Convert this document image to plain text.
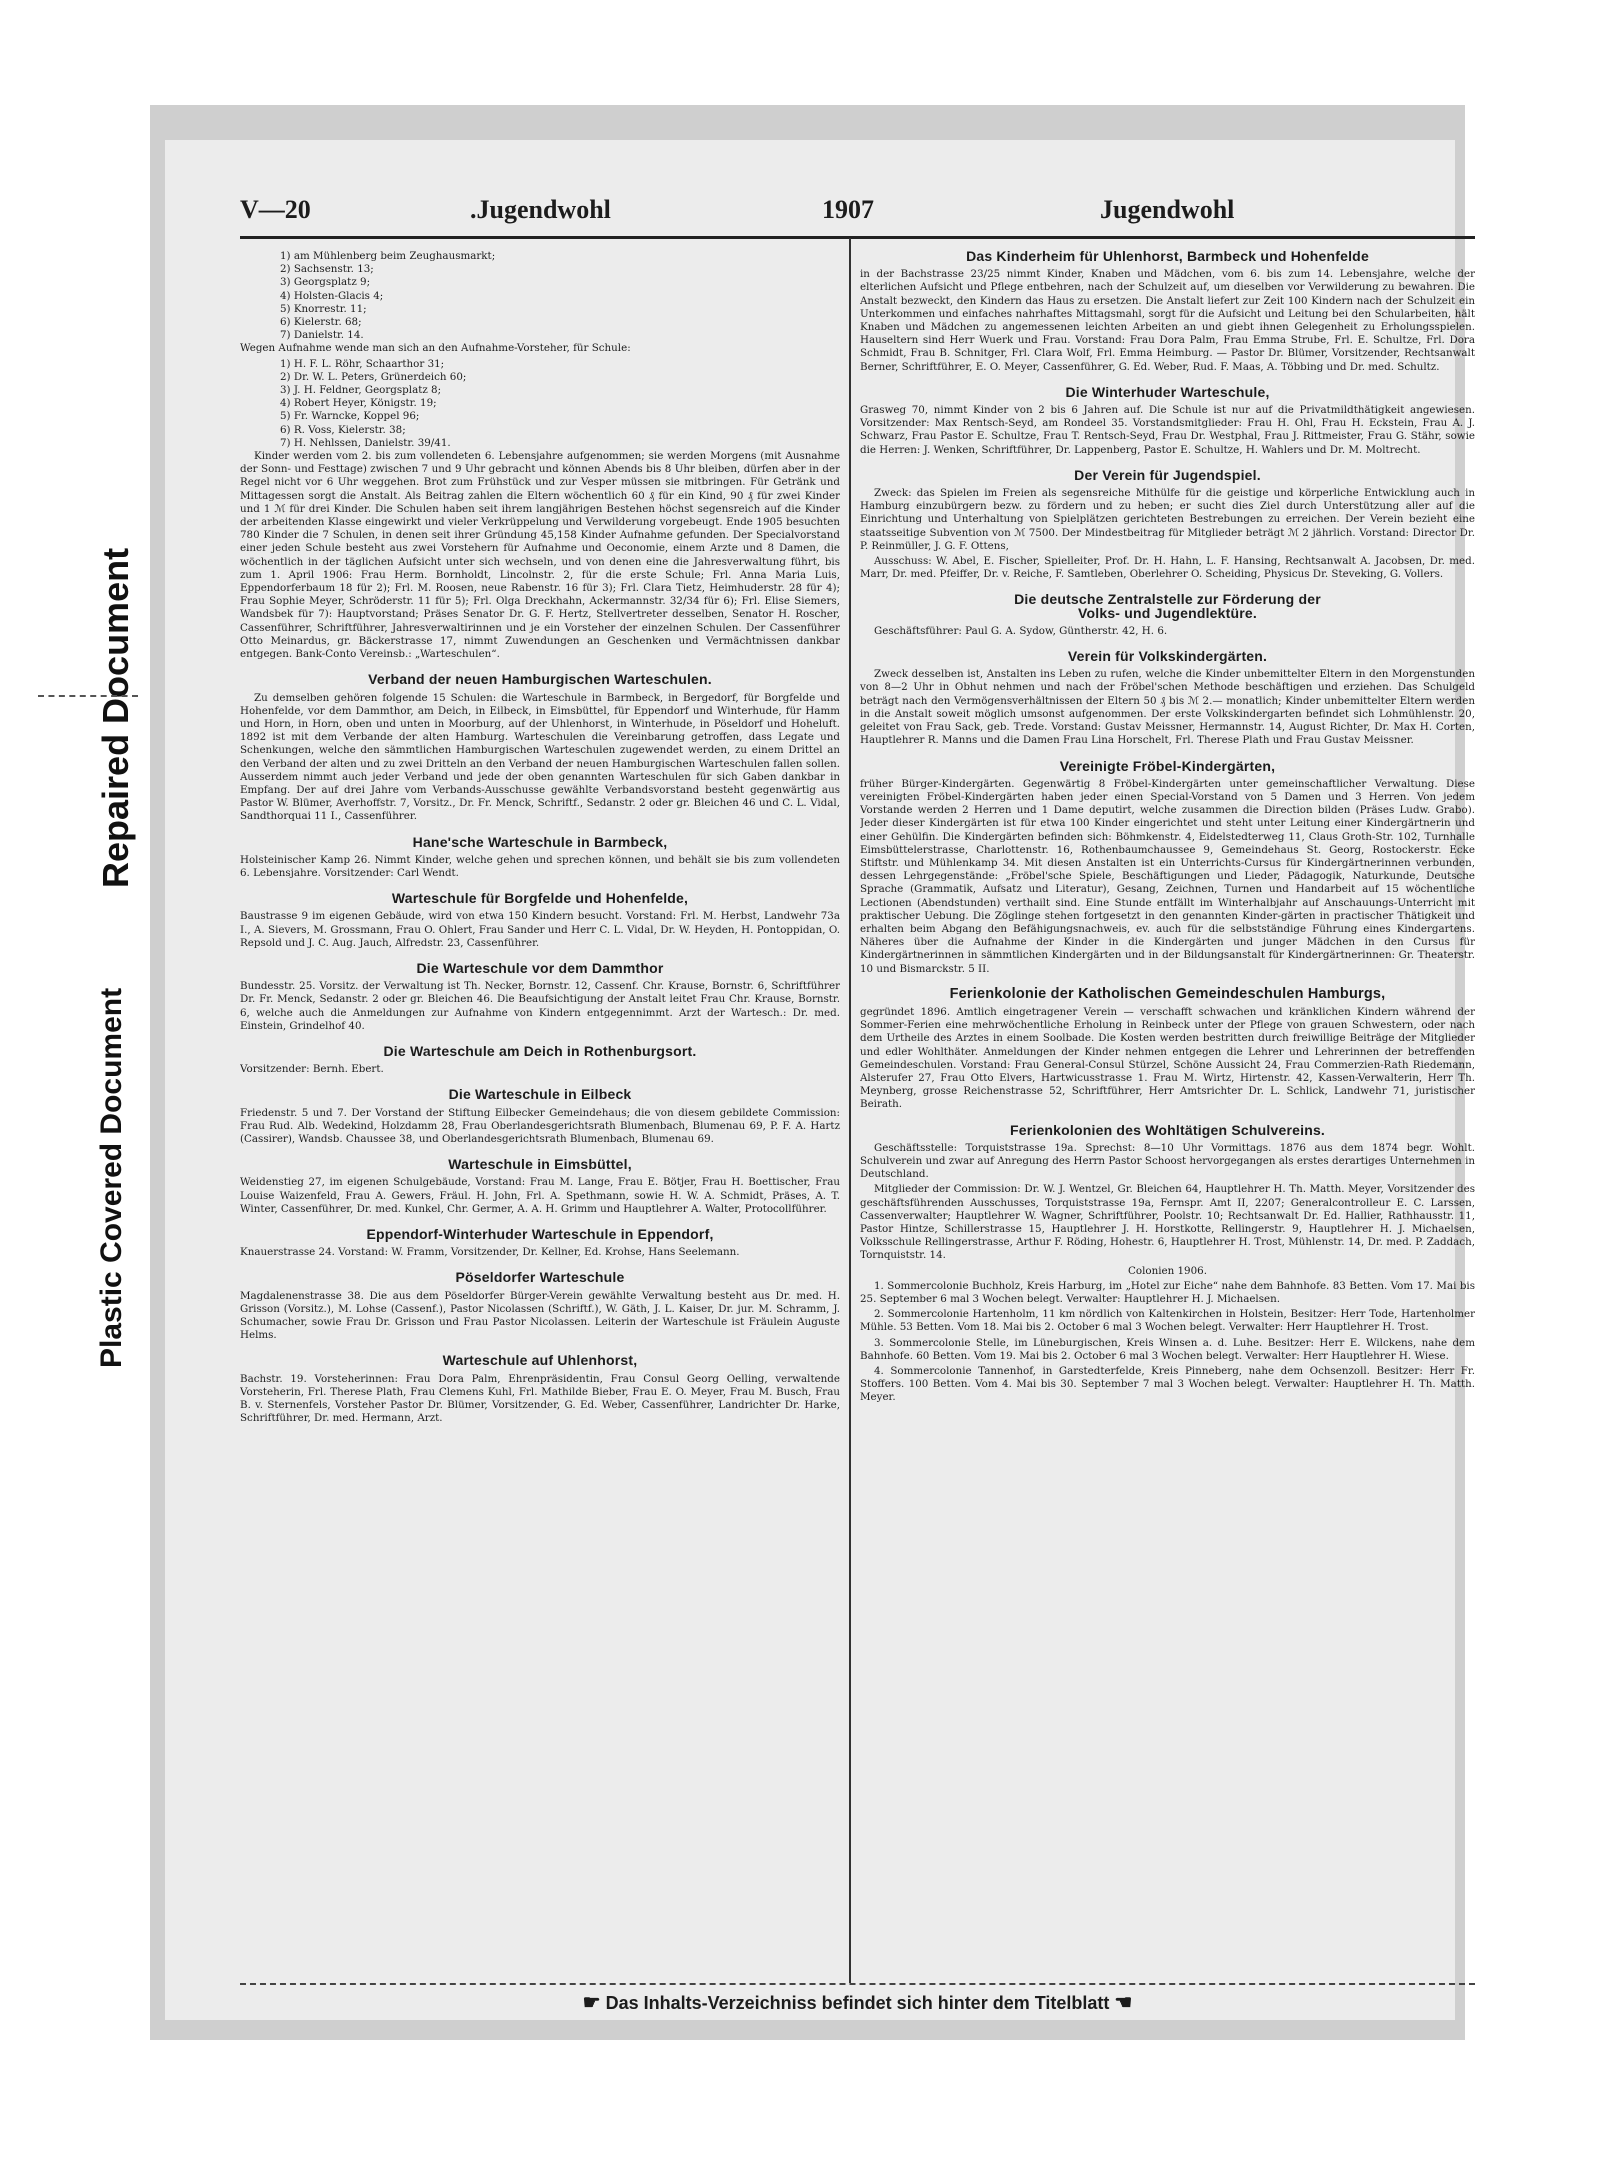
Plastic Covered Document
Repaired Document
V—20	.Jugendwohl	1907	Jugendwohl

1) am Mühlenberg beim Zeughausmarkt;

2) Sachsenstr. 13;

3) Georgsplatz 9;

4) Holsten-Glacis 4;

5) Knorrestr. 11;

6) Kielerstr. 68;

7) Danielstr. 14.

Wegen Aufnahme wende man sich an den Aufnahme-Vorsteher, für Schule:

1) H. F. L. Röhr, Schaarthor 31;

2) Dr. W. L. Peters, Grünerdeich 60;

3) J. H. Feldner, Georgsplatz 8;

4) Robert Heyer, Königstr. 19;

5) Fr. Warncke, Koppel 96;

6) R. Voss, Kielerstr. 38;

7) H. Nehlssen, Danielstr. 39/41.

Kinder werden vom 2. bis zum vollendeten 6. Lebensjahre aufgenommen; sie werden Morgens (mit Ausnahme der Sonn- und Festtage) zwischen 7 und 9 Uhr gebracht und können Abends bis 8 Uhr bleiben, dürfen aber in der Regel nicht vor 6 Uhr weggehen. Brot zum Frühstück und zur Vesper müssen sie mitbringen. Für Getränk und Mittagessen sorgt die Anstalt. Als Beitrag zahlen die Eltern wöchentlich 60 ₰ für ein Kind, 90 ₰ für zwei Kinder und 1 ℳ für drei Kinder. Die Schulen haben seit ihrem langjährigen Bestehen höchst segensreich auf die Kinder der arbeitenden Klasse eingewirkt und vieler Verkrüppelung und Verwilderung vorgebeugt. Ende 1905 besuchten 780 Kinder die 7 Schulen, in denen seit ihrer Gründung 45,158 Kinder Aufnahme gefunden. Der Specialvorstand einer jeden Schule besteht aus zwei Vorstehern für Aufnahme und Oeconomie, einem Arzte und 8 Damen, die wöchentlich in der täglichen Aufsicht unter sich wechseln, und von denen eine die Jahresverwaltung führt, bis zum 1. April 1906: Frau Herm. Bornholdt, Lincolnstr. 2, für die erste Schule; Frl. Anna Maria Luis, Eppendorferbaum 18 für 2); Frl. M. Roosen, neue Rabenstr. 16 für 3); Frl. Clara Tietz, Heimhuderstr. 28 für 4); Frau Sophie Meyer, Schröderstr. 11 für 5); Frl. Olga Dreckhahn, Ackermannstr. 32/34 für 6); Frl. Elise Siemers, Wandsbek für 7): Hauptvorstand; Präses Senator Dr. G. F. Hertz, Stellvertreter desselben, Senator H. Roscher, Cassenführer, Schriftführer, Jahresverwaltirinnen und je ein Vorsteher der einzelnen Schulen. Der Cassenführer Otto Meinardus, gr. Bäckerstrasse 17, nimmt Zuwendungen an Geschenken und Vermächtnissen dankbar entgegen. Bank-Conto Vereinsb.: „Warteschulen“.

Verband der neuen Hamburgischen Warteschulen.

Zu demselben gehören folgende 15 Schulen: die Warteschule in Barmbeck, in Bergedorf, für Borgfelde und Hohenfelde, vor dem Dammthor, am Deich, in Eilbeck, in Eimsbüttel, für Eppendorf und Winterhude, für Hamm und Horn, in Horn, oben und unten in Moorburg, auf der Uhlenhorst, in Winterhude, in Pöseldorf und Hoheluft. 1892 ist mit dem Verbande der alten Hamburg. Warteschulen die Vereinbarung getroffen, dass Legate und Schenkungen, welche den sämmtlichen Hamburgischen Warteschulen zugewendet werden, zu einem Drittel an den Verband der alten und zu zwei Dritteln an den Verband der neuen Hamburgischen Warteschulen fallen sollen. Ausserdem nimmt auch jeder Verband und jede der oben genannten Warteschulen für sich Gaben dankbar in Empfang. Der auf drei Jahre vom Verbands-Ausschusse gewählte Verbandsvorstand besteht gegenwärtig aus Pastor W. Blümer, Averhoffstr. 7, Vorsitz., Dr. Fr. Menck, Schriftf., Sedanstr. 2 oder gr. Bleichen 46 und C. L. Vidal, Sandthorquai 11 I., Cassenführer.

Hane'sche Warteschule in Barmbeck,

Holsteinischer Kamp 26. Nimmt Kinder, welche gehen und sprechen können, und behält sie bis zum vollendeten 6. Lebensjahre. Vorsitzender: Carl Wendt.

Warteschule für Borgfelde und Hohenfelde,

Baustrasse 9 im eigenen Gebäude, wird von etwa 150 Kindern besucht. Vorstand: Frl. M. Herbst, Landwehr 73a I., A. Sievers, M. Grossmann, Frau O. Ohlert, Frau Sander und Herr C. L. Vidal, Dr. W. Heyden, H. Pontoppidan, O. Repsold und J. C. Aug. Jauch, Alfredstr. 23, Cassenführer.

Die Warteschule vor dem Dammthor

Bundesstr. 25. Vorsitz. der Verwaltung ist Th. Necker, Bornstr. 12, Cassenf. Chr. Krause, Bornstr. 6, Schriftführer Dr. Fr. Menck, Sedanstr. 2 oder gr. Bleichen 46. Die Beaufsichtigung der Anstalt leitet Frau Chr. Krause, Bornstr. 6, welche auch die Anmeldungen zur Aufnahme von Kindern entgegennimmt. Arzt der Wartesch.: Dr. med. Einstein, Grindelhof 40.

Die Warteschule am Deich in Rothenburgsort.

Vorsitzender: Bernh. Ebert.

Die Warteschule in Eilbeck

Friedenstr. 5 und 7. Der Vorstand der Stiftung Eilbecker Gemeindehaus; die von diesem gebildete Commission: Frau Rud. Alb. Wedekind, Holzdamm 28, Frau Oberlandesgerichtsrath Blumenbach, Blumenau 69, P. F. A. Hartz (Cassirer), Wandsb. Chaussee 38, und Oberlandesgerichtsrath Blumenbach, Blumenau 69.

Warteschule in Eimsbüttel,

Weidenstieg 27, im eigenen Schulgebäude, Vorstand: Frau M. Lange, Frau E. Bötjer, Frau H. Boettischer, Frau Louise Waizenfeld, Frau A. Gewers, Fräul. H. John, Frl. A. Spethmann, sowie H. W. A. Schmidt, Präses, A. T. Winter, Cassenführer, Dr. med. Kunkel, Chr. Germer, A. A. H. Grimm und Hauptlehrer A. Walter, Protocollführer.

Eppendorf-Winterhuder Warteschule in Eppendorf,

Knauerstrasse 24. Vorstand: W. Framm, Vorsitzender, Dr. Kellner, Ed. Krohse, Hans Seelemann.

Pöseldorfer Warteschule

Magdalenenstrasse 38. Die aus dem Pöseldorfer Bürger-Verein gewählte Verwaltung besteht aus Dr. med. H. Grisson (Vorsitz.), M. Lohse (Cassenf.), Pastor Nicolassen (Schriftf.), W. Gäth, J. L. Kaiser, Dr. jur. M. Schramm, J. Schumacher, sowie Frau Dr. Grisson und Frau Pastor Nicolassen. Leiterin der Warteschule ist Fräulein Auguste Helms.

Warteschule auf Uhlenhorst,

Bachstr. 19. Vorsteherinnen: Frau Dora Palm, Ehrenpräsidentin, Frau Consul Georg Oelling, verwaltende Vorsteherin, Frl. Therese Plath, Frau Clemens Kuhl, Frl. Mathilde Bieber, Frau E. O. Meyer, Frau M. Busch, Frau B. v. Sternenfels, Vorsteher Pastor Dr. Blümer, Vorsitzender, G. Ed. Weber, Cassenführer, Landrichter Dr. Harke, Schriftführer, Dr. med. Hermann, Arzt.

Das Kinderheim für Uhlenhorst, Barmbeck und Hohenfelde

in der Bachstrasse 23/25 nimmt Kinder, Knaben und Mädchen, vom 6. bis zum 14. Lebensjahre, welche der elterlichen Aufsicht und Pflege entbehren, nach der Schulzeit auf, um dieselben vor Verwilderung zu bewahren. Die Anstalt bezweckt, den Kindern das Haus zu ersetzen. Die Anstalt liefert zur Zeit 100 Kindern nach der Schulzeit ein Unterkommen und einfaches nahrhaftes Mittagsmahl, sorgt für die Aufsicht und Leitung bei den Schularbeiten, hält Knaben und Mädchen zu angemessenen leichten Arbeiten an und giebt ihnen Gelegenheit zu Erholungsspielen. Hauseltern sind Herr Wuerk und Frau. Vorstand: Frau Dora Palm, Frau Emma Strube, Frl. E. Schultze, Frl. Dora Schmidt, Frau B. Schnitger, Frl. Clara Wolf, Frl. Emma Heimburg. — Pastor Dr. Blümer, Vorsitzender, Rechtsanwalt Berner, Schriftführer, E. O. Meyer, Cassenführer, G. Ed. Weber, Rud. F. Maas, A. Többing und Dr. med. Schultz.

Die Winterhuder Warteschule,

Grasweg 70, nimmt Kinder von 2 bis 6 Jahren auf. Die Schule ist nur auf die Privatmildthätigkeit angewiesen. Vorsitzender: Max Rentsch-Seyd, am Rondeel 35. Vorstandsmitglieder: Frau H. Ohl, Frau H. Eckstein, Frau A. J. Schwarz, Frau Pastor E. Schultze, Frau T. Rentsch-Seyd, Frau Dr. Westphal, Frau J. Rittmeister, Frau G. Stähr, sowie die Herren: J. Wenken, Schriftführer, Dr. Lappenberg, Pastor E. Schultze, H. Wahlers und Dr. M. Moltrecht.

Der Verein für Jugendspiel.

Zweck: das Spielen im Freien als segensreiche Mithülfe für die geistige und körperliche Entwicklung auch in Hamburg einzubürgern bezw. zu fördern und zu heben; er sucht dies Ziel durch Unterstützung aller auf die Einrichtung und Unterhaltung von Spielplätzen gerichteten Bestrebungen zu erreichen. Der Verein bezieht eine staatsseitige Subvention von ℳ 7500. Der Mindestbeitrag für Mitglieder beträgt ℳ 2 jährlich. Vorstand: Director Dr. P. Reinmüller, J. G. F. Ottens,

Ausschuss: W. Abel, E. Fischer, Spielleiter, Prof. Dr. H. Hahn, L. F. Hansing, Rechtsanwalt A. Jacobsen, Dr. med. Marr, Dr. med. Pfeiffer, Dr. v. Reiche, F. Samtleben, Oberlehrer O. Scheiding, Physicus Dr. Steveking, G. Vollers.

Die deutsche Zentralstelle zur Förderung der
Volks- und Jugendlektüre.

Geschäftsführer: Paul G. A. Sydow, Güntherstr. 42, H. 6.

Verein für Volkskindergärten.

Zweck desselben ist, Anstalten ins Leben zu rufen, welche die Kinder unbemittelter Eltern in den Morgenstunden von 8—2 Uhr in Obhut nehmen und nach der Fröbel'schen Methode beschäftigen und erziehen. Das Schulgeld beträgt nach den Vermögensverhältnissen der Eltern 50 ₰ bis ℳ 2.— monatlich; Kinder unbemittelter Eltern werden in die Anstalt soweit möglich umsonst aufgenommen. Der erste Volkskindergarten befindet sich Lohmühlenstr. 20, geleitet von Frau Sack, geb. Trede. Vorstand: Gustav Meissner, Hermannstr. 14, August Richter, Dr. Max H. Corten, Hauptlehrer R. Manns und die Damen Frau Lina Horschelt, Frl. Therese Plath und Frau Gustav Meissner.

Vereinigte Fröbel-Kindergärten,

früher Bürger-Kindergärten. Gegenwärtig 8 Fröbel-Kindergärten unter gemeinschaftlicher Verwaltung. Diese vereinigten Fröbel-Kindergärten haben jeder einen Special-Vorstand von 5 Damen und 3 Herren. Von jedem Vorstande werden 2 Herren und 1 Dame deputirt, welche zusammen die Direction bilden (Präses Ludw. Grabo). Jeder dieser Kindergärten ist für etwa 100 Kinder eingerichtet und steht unter Leitung einer Kindergärtnerin und einer Gehülfin. Die Kindergärten befinden sich: Böhmkenstr. 4, Eidelstedterweg 11, Claus Groth-Str. 102, Turnhalle Eimsbüttelerstrasse, Charlottenstr. 16, Rothenbaumchaussee 9, Gemeindehaus St. Georg, Rostockerstr. Ecke Stiftstr. und Mühlenkamp 34. Mit diesen Anstalten ist ein Unterrichts-Cursus für Kindergärtnerinnen verbunden, dessen Lehrgegenstände: „Fröbel'sche Spiele, Beschäftigungen und Lieder, Pädagogik, Naturkunde, Deutsche Sprache (Grammatik, Aufsatz und Literatur), Gesang, Zeichnen, Turnen und Handarbeit auf 15 wöchentliche Lectionen (Abendstunden) verthailt sind. Eine Stunde entfällt im Winterhalbjahr auf Anschauungs-Unterricht mit praktischer Uebung. Die Zöglinge stehen fortgesetzt in den genannten Kinder-gärten in practischer Thätigkeit und erhalten beim Abgang den Befähigungsnachweis, ev. auch für die selbstständige Führung eines Kindergartens. Näheres über die Aufnahme der Kinder in die Kindergärten und junger Mädchen in den Cursus für Kindergärtnerinnen in sämmtlichen Kindergärten und in der Bildungsanstalt für Kindergärtnerinnen: Gr. Theaterstr. 10 und Bismarckstr. 5 II.

Ferienkolonie der Katholischen Gemeindeschulen Hamburgs,

gegründet 1896. Amtlich eingetragener Verein — verschafft schwachen und kränklichen Kindern während der Sommer-Ferien eine mehrwöchentliche Erholung in Reinbeck unter der Pflege von grauen Schwestern, oder nach dem Urtheile des Arztes in einem Soolbade. Die Kosten werden bestritten durch freiwillige Beiträge der Mitglieder und edler Wohlthäter. Anmeldungen der Kinder nehmen entgegen die Lehrer und Lehrerinnen der betreffenden Gemeindeschulen. Vorstand: Frau General-Consul Stürzel, Schöne Aussicht 24, Frau Commerzien-Rath Riedemann, Alsterufer 27, Frau Otto Elvers, Hartwicusstrasse 1. Frau M. Wirtz, Hirtenstr. 42, Kassen-Verwalterin, Herr Th. Meynberg, grosse Reichenstrasse 52, Schriftführer, Herr Amtsrichter Dr. L. Schlick, Landwehr 71, juristischer Beirath.

Ferienkolonien des Wohltätigen Schulvereins.

Geschäftsstelle: Torquiststrasse 19a. Sprechst: 8—10 Uhr Vormittags. 1876 aus dem 1874 begr. Wohlt. Schulverein und zwar auf Anregung des Herrn Pastor Schoost hervorgegangen als erstes derartiges Unternehmen in Deutschland.

Mitglieder der Commission: Dr. W. J. Wentzel, Gr. Bleichen 64, Hauptlehrer H. Th. Matth. Meyer, Vorsitzender des geschäftsführenden Ausschusses, Torquiststrasse 19a, Fernspr. Amt II, 2207; Generalcontrolleur E. C. Larssen, Cassenverwalter; Hauptlehrer W. Wagner, Schriftführer, Poolstr. 10; Rechtsanwalt Dr. Ed. Hallier, Rathhausstr. 11, Pastor Hintze, Schillerstrasse 15, Hauptlehrer J. H. Horstkotte, Rellingerstr. 9, Hauptlehrer H. J. Michaelsen, Volksschule Rellingerstrasse, Arthur F. Röding, Hohestr. 6, Hauptlehrer H. Trost, Mühlenstr. 14, Dr. med. P. Zaddach, Tornquiststr. 14.

Colonien 1906.

1. Sommercolonie Buchholz, Kreis Harburg, im „Hotel zur Eiche“ nahe dem Bahnhofe. 83 Betten. Vom 17. Mai bis 25. September 6 mal 3 Wochen belegt. Verwalter: Hauptlehrer H. J. Michaelsen.

2. Sommercolonie Hartenholm, 11 km nördlich von Kaltenkirchen in Holstein, Besitzer: Herr Tode, Hartenholmer Mühle. 53 Betten. Vom 18. Mai bis 2. October 6 mal 3 Wochen belegt. Verwalter: Herr Hauptlehrer H. Trost.

3. Sommercolonie Stelle, im Lüneburgischen, Kreis Winsen a. d. Luhe. Besitzer: Herr E. Wilckens, nahe dem Bahnhofe. 60 Betten. Vom 19. Mai bis 2. October 6 mal 3 Wochen belegt. Verwalter: Herr Hauptlehrer H. Wiese.

4. Sommercolonie Tannenhof, in Garstedterfelde, Kreis Pinneberg, nahe dem Ochsenzoll. Besitzer: Herr Fr. Stoffers. 100 Betten. Vom 4. Mai bis 30. September 7 mal 3 Wochen belegt. Verwalter: Hauptlehrer H. Th. Matth. Meyer.

☛ Das Inhalts-Verzeichniss befindet sich hinter dem Titelblatt ☚
